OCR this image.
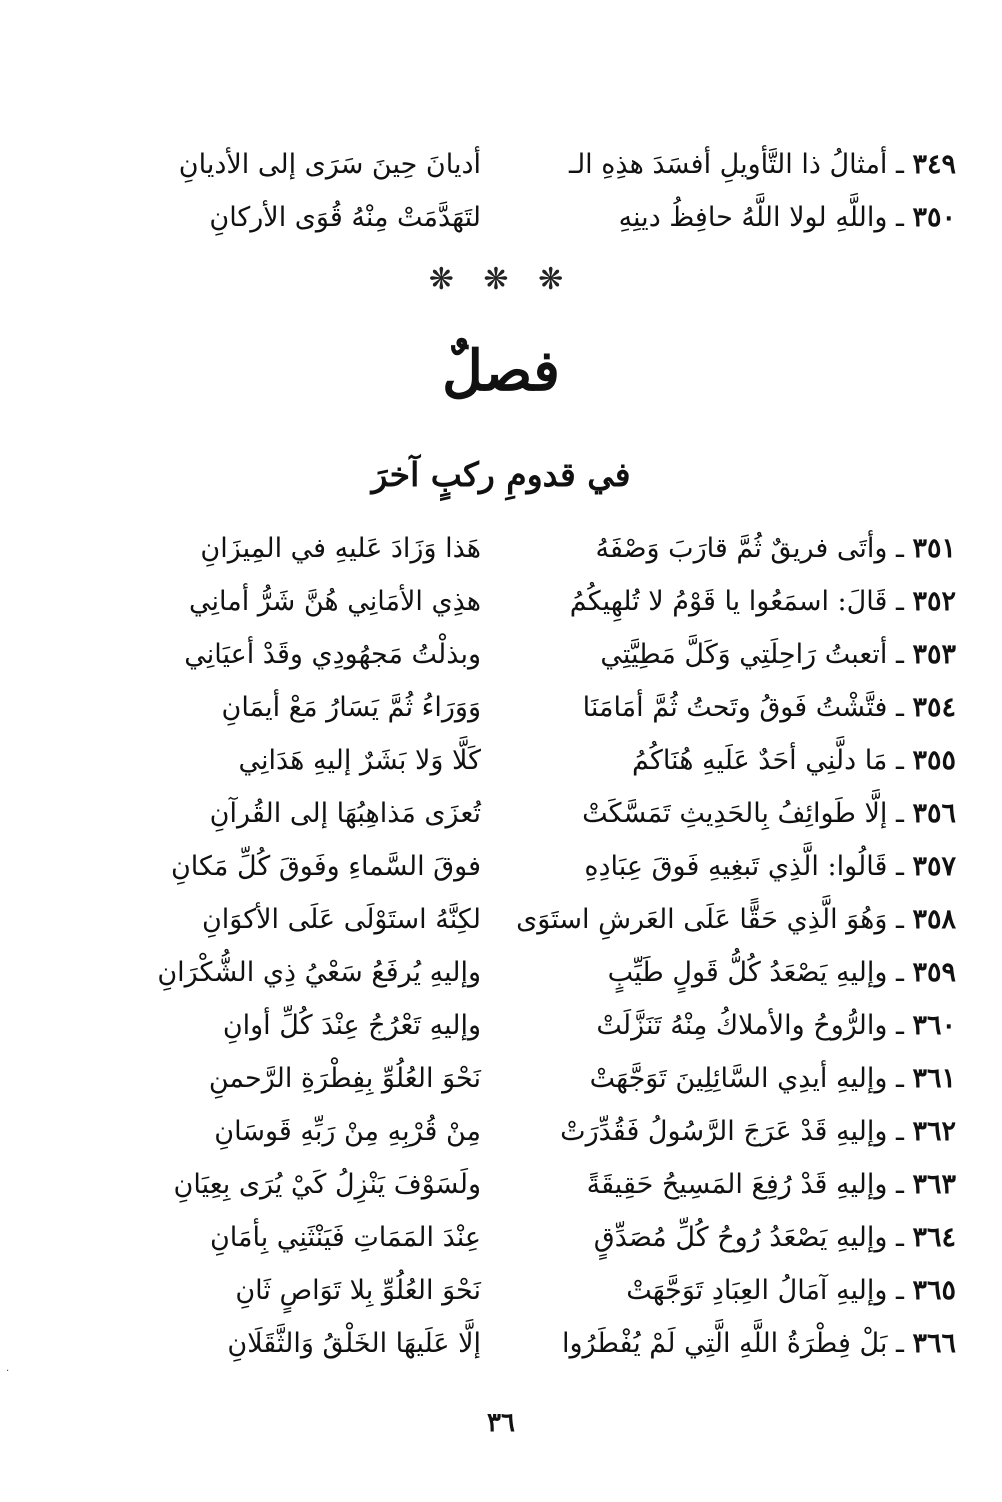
٣٤٩ ـ أمثالُ ذا التَّأويلِ أفسَدَ هذِهِ الـ
أديانَ حِينَ سَرَى إلى الأديانِ
٣٥٠ ـ واللَّهِ لولا اللَّهُ حافِظُ دينِهِ
لتَهَدَّمَتْ مِنْهُ قُوَى الأركانِ
❋ ❋ ❋
فصلٌ
في قدومِ ركبٍ آخرَ
٣٥١ ـ وأتَى فريقٌ ثُمَّ قارَبَ وَصْفَهُ
هَذا وَزَادَ عَليهِ في المِيزَانِ
٣٥٢ ـ قَالَ: اسمَعُوا يا قَوْمُ لا تُلهِيكُمُ
هذِي الأمَانِي هُنَّ شَرُّ أمانِي
٣٥٣ ـ أتعبتُ رَاحِلَتِي وَكَلَّ مَطِيَّتِي
وبذلْتُ مَجهُودِي وقَدْ أعيَانِي
٣٥٤ ـ فتَّشْتُ فَوقُ وتَحتُ ثُمَّ أمَامَنَا
وَوَرَاءُ ثُمَّ يَسَارُ مَعْ أيمَانِ
٣٥٥ ـ مَا دلَّنِي أحَدٌ عَلَيهِ هُنَاكُمُ
كَلَّا وَلا بَشَرٌ إليهِ هَدَانِي
٣٥٦ ـ إلَّا طَوائِفُ بِالحَدِيثِ تَمَسَّكَتْ
تُعزَى مَذاهِبُهَا إلى القُرآنِ
٣٥٧ ـ قَالُوا: الَّذِي تَبغِيهِ فَوقَ عِبَادِهِ
فوقَ السَّماءِ وفَوقَ كُلِّ مَكانِ
٣٥٨ ـ وَهُوَ الَّذِي حَقًّا عَلَى العَرشِ استَوَى
لكِنَّهُ استَوْلَى عَلَى الأكوَانِ
٣٥٩ ـ وإليهِ يَصْعَدُ كُلُّ قَولٍ طَيِّبٍ
وإليهِ يُرفَعُ سَعْيُ ذِي الشُّكْرَانِ
٣٦٠ ـ والرُّوحُ والأملاكُ مِنْهُ تَنَزَّلَتْ
وإليهِ تَعْرُجُ عِنْدَ كُلِّ أوانِ
٣٦١ ـ وإليهِ أيدِي السَّائِلِينَ تَوَجَّهَتْ
نَحْوَ العُلُوِّ بِفِطْرَةِ الرَّحمنِ
٣٦٢ ـ وإليهِ قَدْ عَرَجَ الرَّسُولُ فَقُدِّرَتْ
مِنْ قُرْبِهِ مِنْ رَبِّهِ قَوسَانِ
٣٦٣ ـ وإليهِ قَدْ رُفِعَ المَسِيحُ حَقِيقَةً
ولَسَوْفَ يَنْزِلُ كَيْ يُرَى بِعِيَانِ
٣٦٤ ـ وإليهِ يَصْعَدُ رُوحُ كُلِّ مُصَدِّقٍ
عِنْدَ المَمَاتِ فَيَنْثَنِي بِأمَانِ
٣٦٥ ـ وإليهِ آمَالُ العِبَادِ تَوَجَّهَتْ
نَحْوَ العُلُوِّ بِلا تَوَاصٍ ثَانِ
٣٦٦ ـ بَلْ فِطْرَةُ اللَّهِ الَّتِي لَمْ يُفْطَرُوا
إلَّا عَلَيهَا الخَلْقُ وَالثَّقَلَانِ
٣٦
·
